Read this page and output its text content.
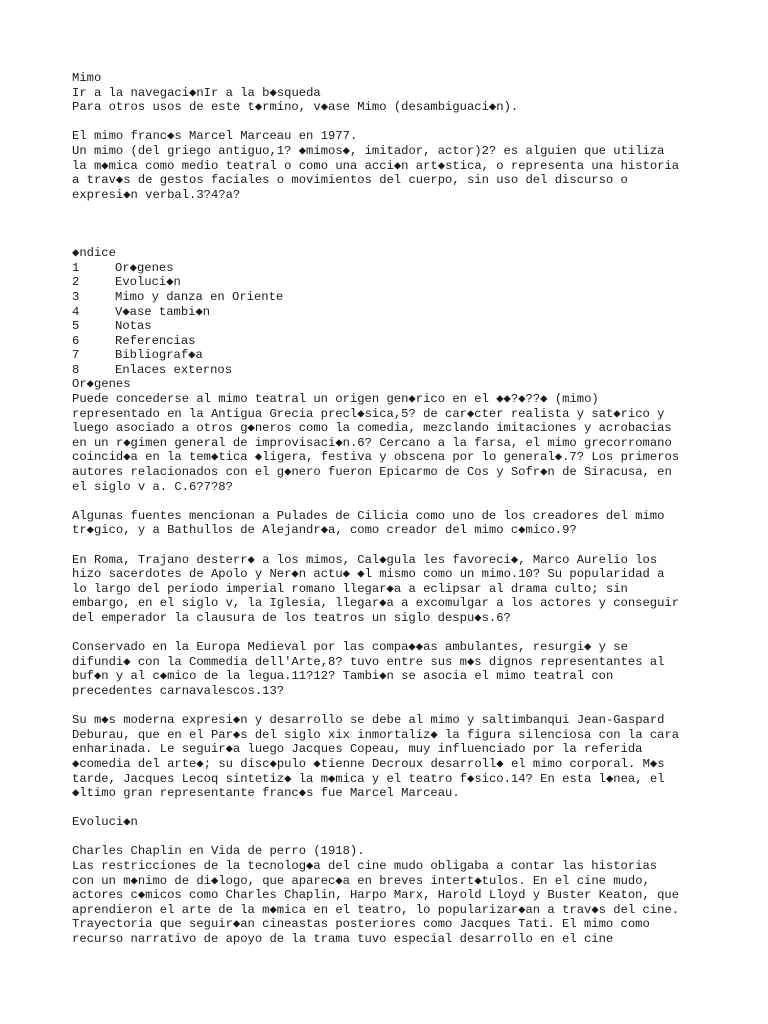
Mimo
Ir a la navegaci◆nIr a la b◆squeda
Para otros usos de este t◆rmino, v◆ase Mimo (desambiguaci◆n).
El mimo franc◆s Marcel Marceau en 1977.
Un mimo (del griego antiguo,1? ◆mimos◆, imitador, actor)2? es alguien que utiliza
la m◆mica como medio teatral o como una acci◆n art◆stica, o representa una historia
a trav◆s de gestos faciales o movimientos del cuerpo, sin uso del discurso o
expresi◆n verbal.3?4?a?
◆ndice
1	Or◆genes
2	Evoluci◆n
3	Mimo y danza en Oriente
4	V◆ase tambi◆n
5	Notas
6	Referencias
7	Bibliograf◆a
8	Enlaces externos
Or◆genes
Puede concederse al mimo teatral un origen gen◆rico en el ◆◆?◆??◆ (mimo)
representado en la Antigua Grecia precl◆sica,5? de car◆cter realista y sat◆rico y
luego asociado a otros g◆neros como la comedia, mezclando imitaciones y acrobacias
en un r◆gimen general de improvisaci◆n.6? Cercano a la farsa, el mimo grecorromano
coincid◆a en la tem◆tica ◆ligera, festiva y obscena por lo general◆.7? Los primeros
autores relacionados con el g◆nero fueron Epicarmo de Cos y Sofr◆n de Siracusa, en
el siglo v a. C.6?7?8?
Algunas fuentes mencionan a Pulades de Cilicia como uno de los creadores del mimo
tr◆gico, y a Bathullos de Alejandr◆a, como creador del mimo c◆mico.9?
En Roma, Trajano desterr◆ a los mimos, Cal◆gula les favoreci◆, Marco Aurelio los
hizo sacerdotes de Apolo y Ner◆n actu◆ ◆l mismo como un mimo.10? Su popularidad a
lo largo del periodo imperial romano llegar◆a a eclipsar al drama culto; sin
embargo, en el siglo v, la Iglesia, llegar◆a a excomulgar a los actores y conseguir
del emperador la clausura de los teatros un siglo despu◆s.6?
Conservado en la Europa Medieval por las compa◆◆as ambulantes, resurgi◆ y se
difundi◆ con la Commedia dell'Arte,8? tuvo entre sus m◆s dignos representantes al
buf◆n y al c◆mico de la legua.11?12? Tambi◆n se asocia el mimo teatral con
precedentes carnavalescos.13?
Su m◆s moderna expresi◆n y desarrollo se debe al mimo y saltimbanqui Jean-Gaspard
Deburau, que en el Par◆s del siglo xix inmortaliz◆ la figura silenciosa con la cara
enharinada. Le seguir◆a luego Jacques Copeau, muy influenciado por la referida
◆comedia del arte◆; su disc◆pulo ◆tienne Decroux desarroll◆ el mimo corporal. M◆s
tarde, Jacques Lecoq sintetiz◆ la m◆mica y el teatro f◆sico.14? En esta l◆nea, el
◆ltimo gran representante franc◆s fue Marcel Marceau.
Evoluci◆n
Charles Chaplin en Vida de perro (1918).
Las restricciones de la tecnolog◆a del cine mudo obligaba a contar las historias
con un m◆nimo de di◆logo, que aparec◆a en breves intert◆tulos. En el cine mudo,
actores c◆micos como Charles Chaplin, Harpo Marx, Harold Lloyd y Buster Keaton, que
aprendieron el arte de la m◆mica en el teatro, lo popularizar◆an a trav◆s del cine.
Trayectoria que seguir◆an cineastas posteriores como Jacques Tati. El mimo como
recurso narrativo de apoyo de la trama tuvo especial desarrollo en el cine
